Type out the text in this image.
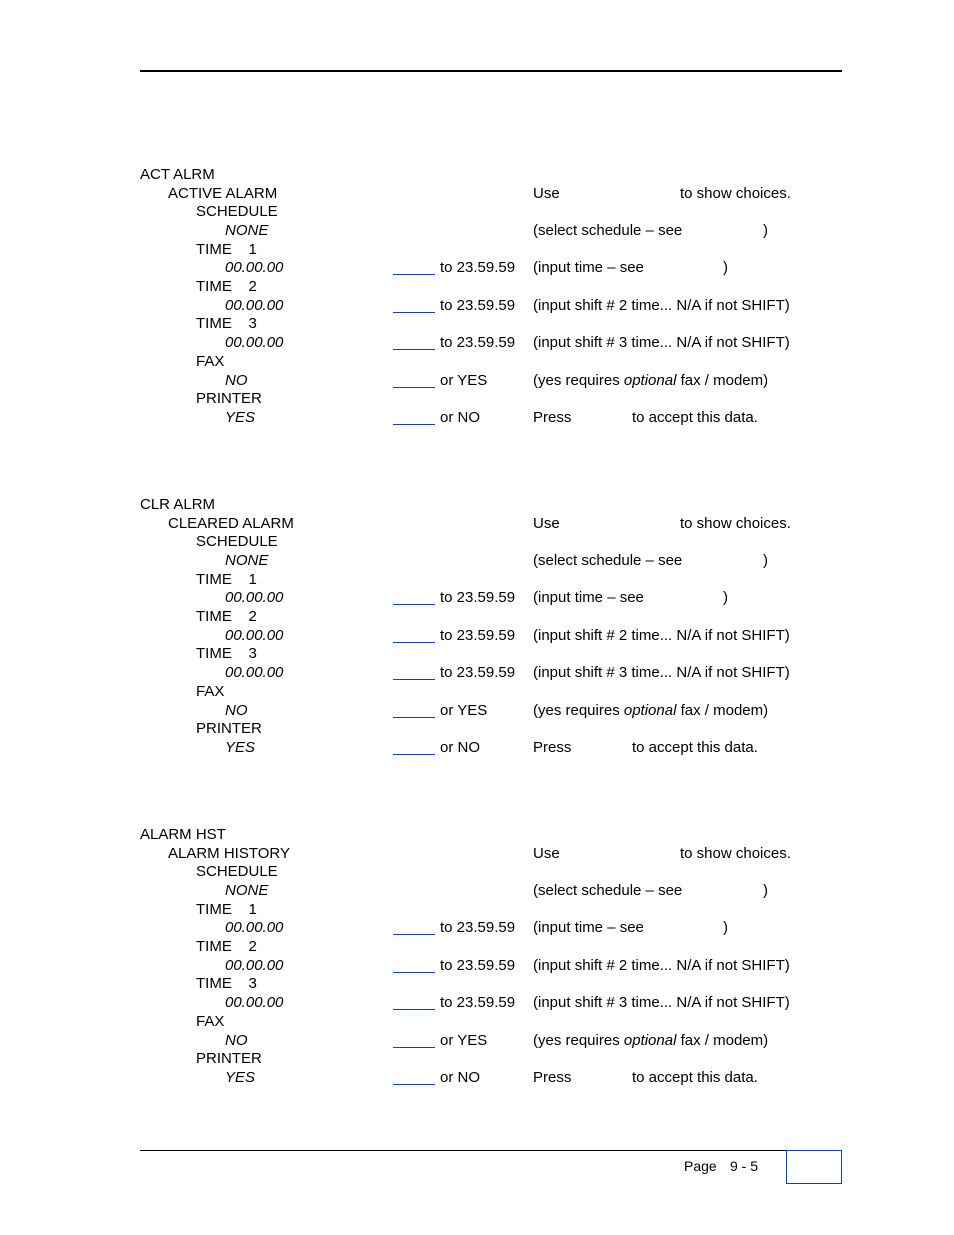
ACT ALRM
ACTIVE ALARM	Use	to show choices.
SCHEDULE
NONE	(select schedule – see	)
TIME    1
00.00.00	to 23.59.59 (input time – see	)
TIME    2
00.00.00	to 23.59.59 (input shift # 2 time... N/A if not SHIFT)
TIME    3
00.00.00	to 23.59.59 (input shift # 3 time... N/A if not SHIFT)
FAX
NO	or YES	(yes requires optional fax / modem)
PRINTER
YES	or NO	Press	to accept this data.
CLR ALRM
CLEARED ALARM	Use	to show choices.
SCHEDULE
NONE	(select schedule – see	)
TIME    1
00.00.00	to 23.59.59 (input time – see	)
TIME    2
00.00.00	to 23.59.59 (input shift # 2 time... N/A if not SHIFT)
TIME    3
00.00.00	to 23.59.59 (input shift # 3 time... N/A if not SHIFT)
FAX
NO	or YES	(yes requires optional fax / modem)
PRINTER
YES	or NO	Press	to accept this data.
ALARM HST
ALARM HISTORY	Use	to show choices.
SCHEDULE
NONE	(select schedule – see	)
TIME    1
00.00.00	to 23.59.59 (input time – see	)
TIME    2
00.00.00	to 23.59.59 (input shift # 2 time... N/A if not SHIFT)
TIME    3
00.00.00	to 23.59.59 (input shift # 3 time... N/A if not SHIFT)
FAX
NO	or YES	(yes requires optional fax / modem)
PRINTER
YES	or NO	Press	to accept this data.
Page 9 - 5
